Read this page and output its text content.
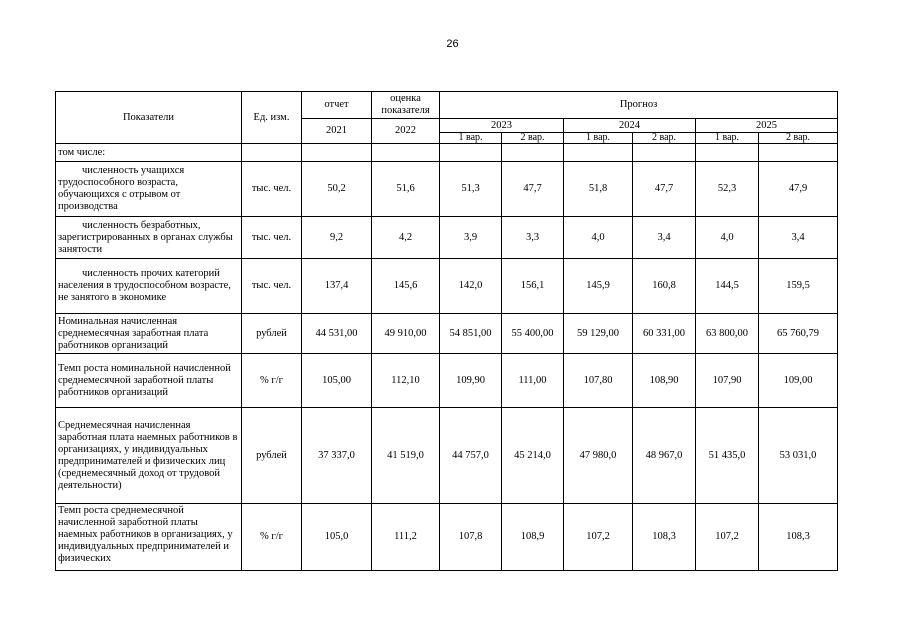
26
Показатели	Ед. изм.	отчет	оценка показателя	Прогноз					
		2021	2022	2023		2024		2025	
				1 вар.	2 вар.	1 вар.	2 вар.	1 вар.	2 вар.
том числе:									
численность учащихся трудоспособного возраста, обучающихся с отрывом от производства	тыс. чел.	50,2	51,6	51,3	47,7	51,8	47,7	52,3	47,9
численность безработных, зарегистрированных в органах службы занятости	тыс. чел.	9,2	4,2	3,9	3,3	4,0	3,4	4,0	3,4
численность прочих категорий населения в трудоспособном возрасте, не занятого в экономике	тыс. чел.	137,4	145,6	142,0	156,1	145,9	160,8	144,5	159,5
Номинальная начисленная среднемесячная заработная плата работников организаций	рублей	44 531,00	49 910,00	54 851,00	55 400,00	59 129,00	60 331,00	63 800,00	65 760,79
Темп роста номинальной начисленной среднемесячной заработной платы работников организаций	% г/г	105,00	112,10	109,90	111,00	107,80	108,90	107,90	109,00
Среднемесячная начисленная заработная плата наемных работников в организациях, у индивидуальных предпринимателей и физических лиц (среднемесячный доход от трудовой деятельности)	рублей	37 337,0	41 519,0	44 757,0	45 214,0	47 980,0	48 967,0	51 435,0	53 031,0

Темп роста среднемесячной начисленной заработной платы наемных работников в организациях, у индивидуальных предпринимателей и физических	% г/г	105,0	111,2	107,8	108,9	107,2	108,3	107,2	108,3
